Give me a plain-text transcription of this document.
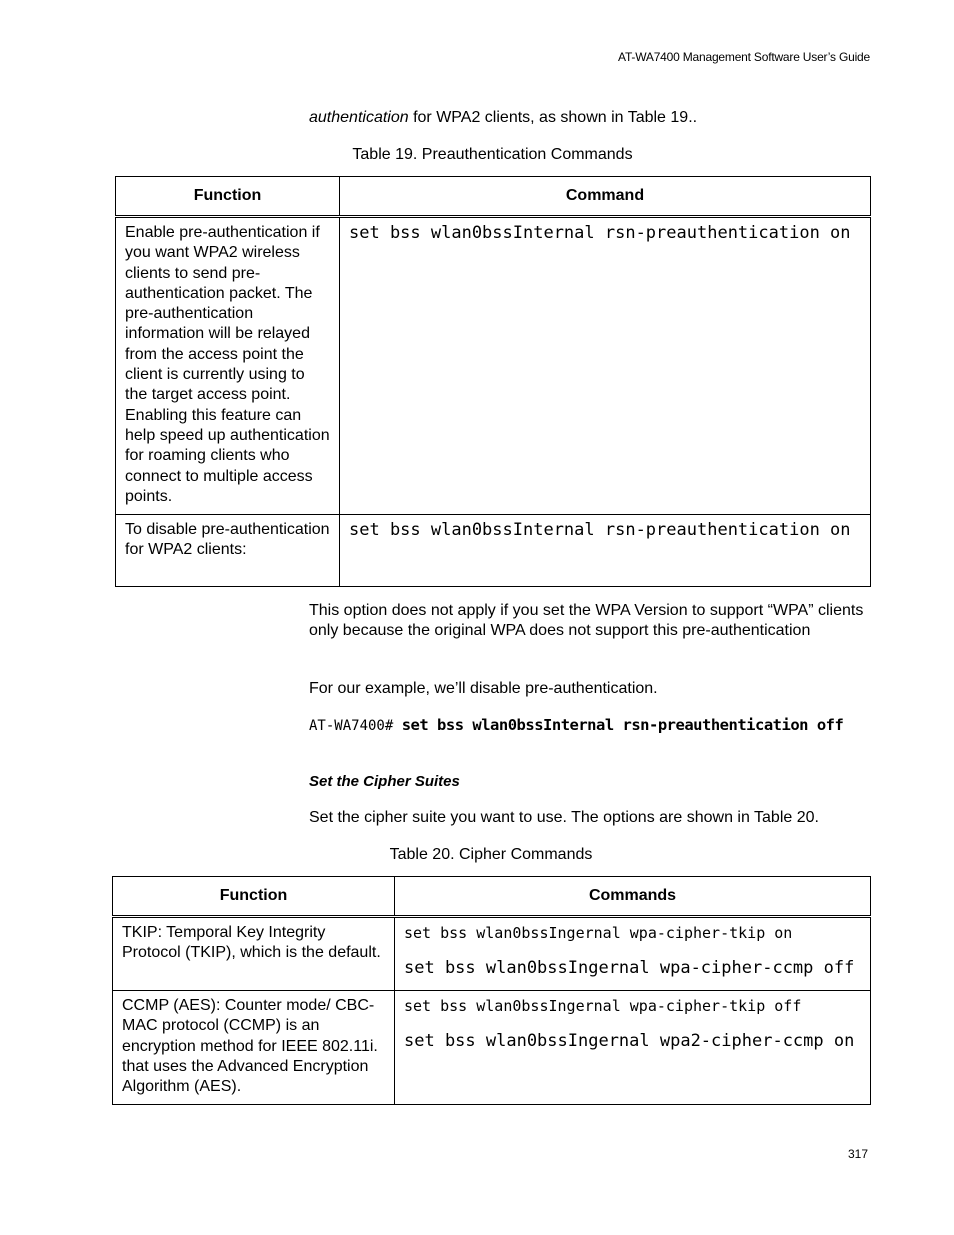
AT-WA7400 Management Software User’s Guide
authentication for WPA2 clients, as shown in Table 19..
Table 19. Preauthentication Commands
Function	Command
Enable pre-authentication if you want WPA2 wireless clients to send pre-authentication packet. The pre-authentication information will be relayed from the access point the client is currently using to the target access point. Enabling this feature can help speed up authentication for roaming clients who connect to multiple access points.	set bss wlan0bssInternal rsn-preauthentication on
To disable pre-authentication for WPA2 clients:	set bss wlan0bssInternal rsn-preauthentication on
This option does not apply if you set the WPA Version to support “WPA” clients only because the original WPA does not support this pre-authentication
For our example, we’ll disable pre-authentication.
AT-WA7400# set bss wlan0bssInternal rsn-preauthentication off
Set the Cipher Suites
Set the cipher suite you want to use. The options are shown in Table 20.
Table 20. Cipher Commands
Function	Commands
TKIP: Temporal Key Integrity Protocol (TKIP), which is the default.	set bss wlan0bssIngernal wpa-cipher-tkip on
set bss wlan0bssIngernal wpa-cipher-ccmp off

CCMP (AES): Counter mode/ CBC-MAC protocol (CCMP) is an encryption method for IEEE 802.11i. that uses the Advanced Encryption Algorithm (AES).	set bss wlan0bssIngernal wpa-cipher-tkip off
set bss wlan0bssIngernal wpa2-cipher-ccmp on
317
